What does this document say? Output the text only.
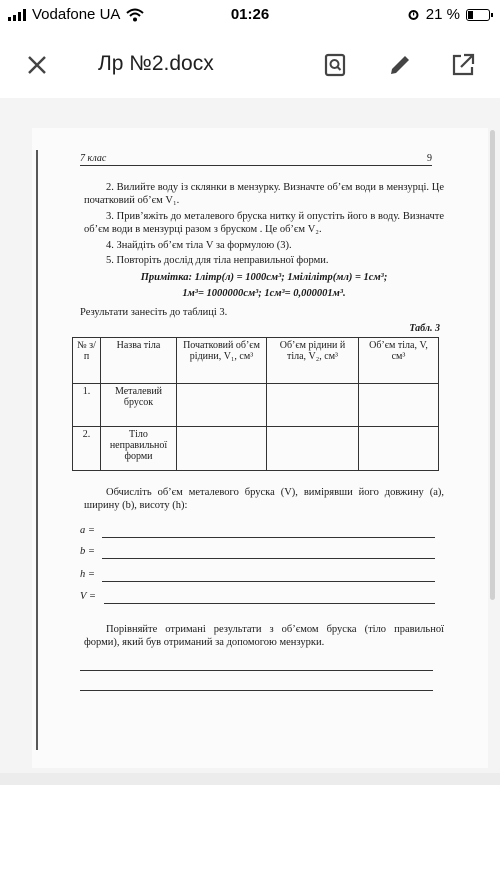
Vodafone UA	01:26	21 %
Лр №2.docx
7 клас	9
2. Вилийте воду із склянки в мензурку. Визначте об’єм води в мензурці. Це початковий об’єм V₁.
3. Прив’яжіть до металевого бруска нитку й опустіть його в воду. Визначте об’єм води в мензурці разом з бруском . Це об’єм V₂.
4. Знайдіть об’єм тіла V за формулою (3).
5. Повторіть дослід для тіла неправильної форми.
Примітка: 1літр(л) = 1000см³; 1мілілітр(мл) = 1см³;
1м³= 1000000см³; 1см³= 0,000001м³.
Результати занесіть до таблиці 3.
Табл. 3
№ з/п	Назва тіла	Початковий об’єм рідини, V₁, см³	Об’єм рідини й тіла, V₂, см³	Об’єм тіла, V, см³
1.	Металевий брусок			
2.	Тіло неправильної форми			
Обчисліть об’єм металевого бруска (V), вимірявши його довжину (a), ширину (b), висоту (h):
a =
b =
h =
V =
Порівняйте отримані результати з об’ємом бруска (тіло правильної форми), який був отриманий за допомогою мензурки.
